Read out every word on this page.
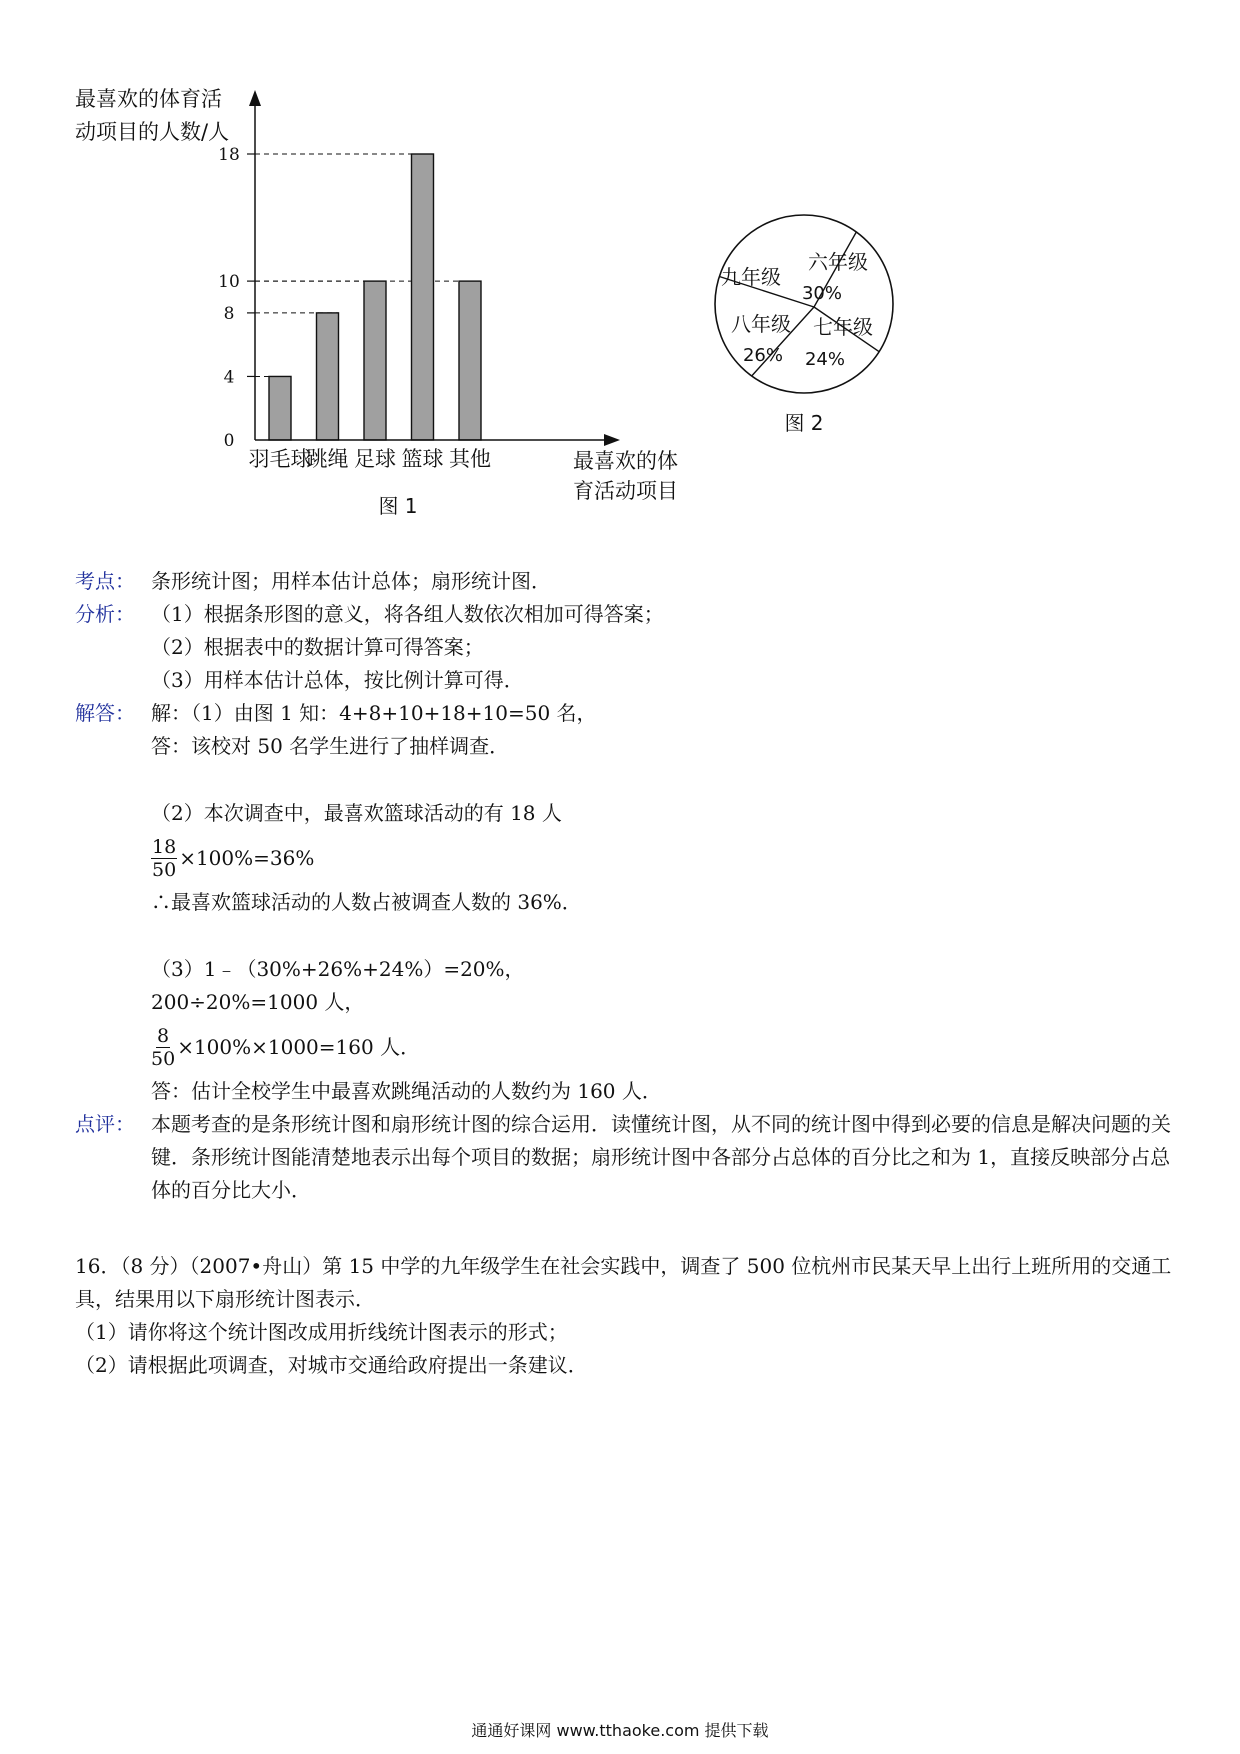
最喜欢的体育活
动项目的人数/人
0
4
8
10
18
羽毛球
跳绳 足球 篮球 其他	最喜欢的体
育活动项目
图 1
六年级
30%
七年级
24%
八年级
26%
九年级
图 2
考点： 条形统计图；用样本估计总体；扇形统计图．
分析： （1）根据条形图的意义，将各组人数依次相加可得答案；
（2）根据表中的数据计算可得答案；
（3）用样本估计总体，按比例计算可得．
解答： 解：（1）由图 1 知：4+8+10+18+10=50 名，
答：该校对 50 名学生进行了抽样调查．
（2）本次调查中，最喜欢篮球活动的有 18 人
$\frac{18}{50} \times 100\%=36\%$
∴最喜欢篮球活动的人数占被调查人数的 36%．
（3）1﹣（30%+26%+24%）=20%，
200÷20%=1000 人，
$\frac{8}{50} \times 100\%\times 1000=160$ 人．
答：估计全校学生中最喜欢跳绳活动的人数约为 160 人．
点评： 本题考查的是条形统计图和扇形统计图的综合运用．读懂统计图，从不同的统计图中得到必要的信息是解决问题的关键．条形统计图能清楚地表示出每个项目的数据；扇形统计图中各部分占总体的百分比之和为 1，直接反映部分占总体的百分比大小．
16．（8 分）（2007•舟山）第 15 中学的九年级学生在社会实践中，调查了 500 位杭州市民某天早上出行上班所用的交通工具，结果用以下扇形统计图表示．
（1）请你将这个统计图改成用折线统计图表示的形式；
（2）请根据此项调查，对城市交通给政府提出一条建议．
通通好课网 www.tthaoke.com 提供下载
